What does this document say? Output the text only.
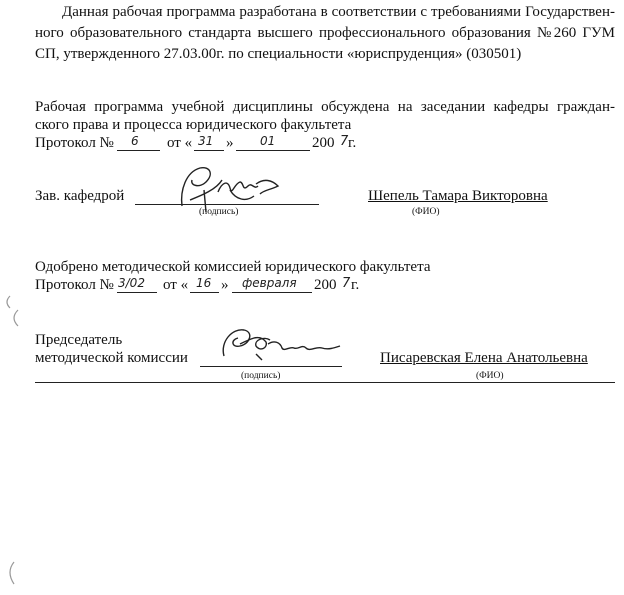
Данная рабочая программа разработана в соответствии с требованиями Государствен-
ного образовательного стандарта высшего профессионального образования №260 ГУМ
СП, утвержденного 27.03.00г. по специальности «юриспруденция» (030501)
Рабочая программа учебной дисциплины обсуждена на заседании кафедры граждан-
ского права и процесса юридического факультета
Протокол № 6 от « 31 » 01 200 7 г.
Зав. кафедрой
(подпись)
Шепель Тамара Викторовна
(ФИО)
Одобрено методической комиссией юридического факультета
Протокол № 3/02 от « 16 » февраля 200 7 г.
Председатель
методической комиссии
(подпись)
Писаревская Елена Анатольевна
(ФИО)
